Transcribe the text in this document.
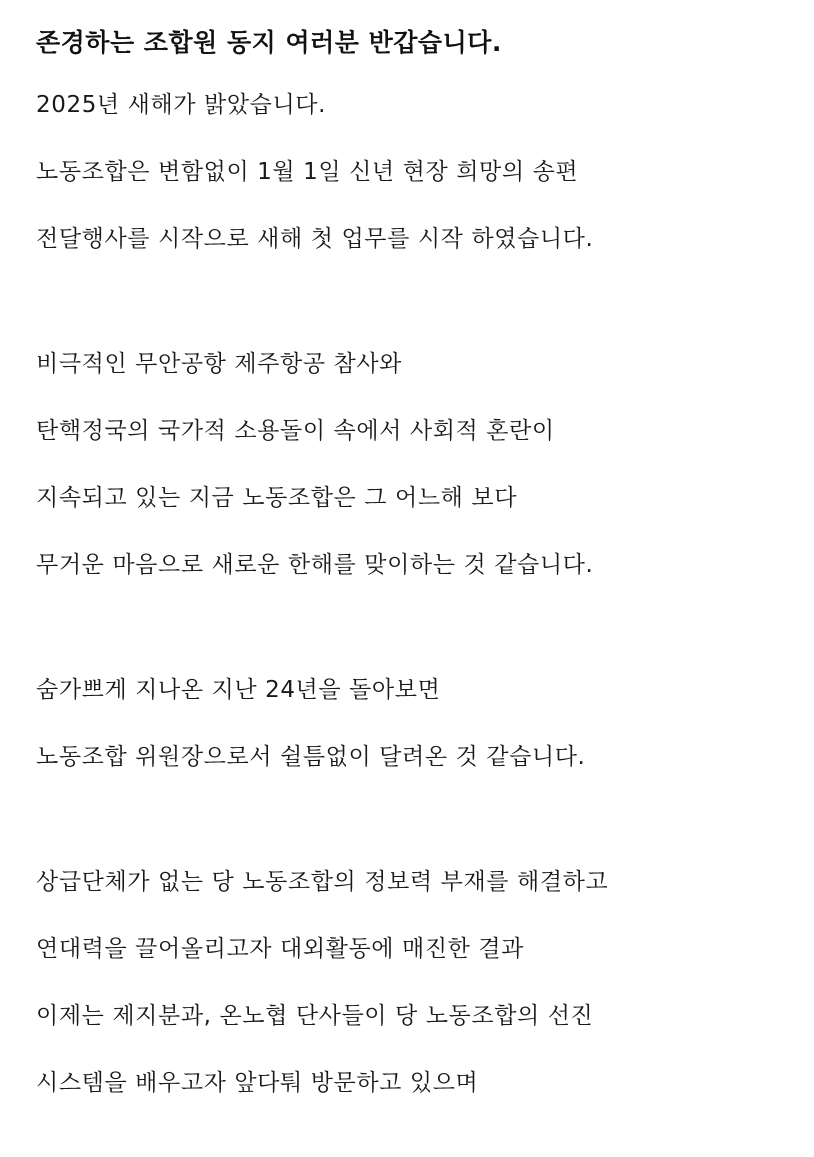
존경하는 조합원 동지 여러분 반갑습니다.
2025년 새해가 밝았습니다.
노동조합은 변함없이 1월 1일 신년 현장 희망의 송편
전달행사를 시작으로 새해 첫 업무를 시작 하였습니다.
비극적인 무안공항 제주항공 참사와
탄핵정국의 국가적 소용돌이 속에서 사회적 혼란이
지속되고 있는 지금 노동조합은 그 어느해 보다
무거운 마음으로 새로운 한해를 맞이하는 것 같습니다.
숨가쁘게 지나온 지난 24년을 돌아보면
노동조합 위원장으로서 쉴틈없이 달려온 것 같습니다.
상급단체가 없는 당 노동조합의 정보력 부재를 해결하고
연대력을 끌어올리고자 대외활동에 매진한 결과
이제는 제지분과, 온노협 단사들이 당 노동조합의 선진
시스템을 배우고자 앞다퉈 방문하고 있으며
